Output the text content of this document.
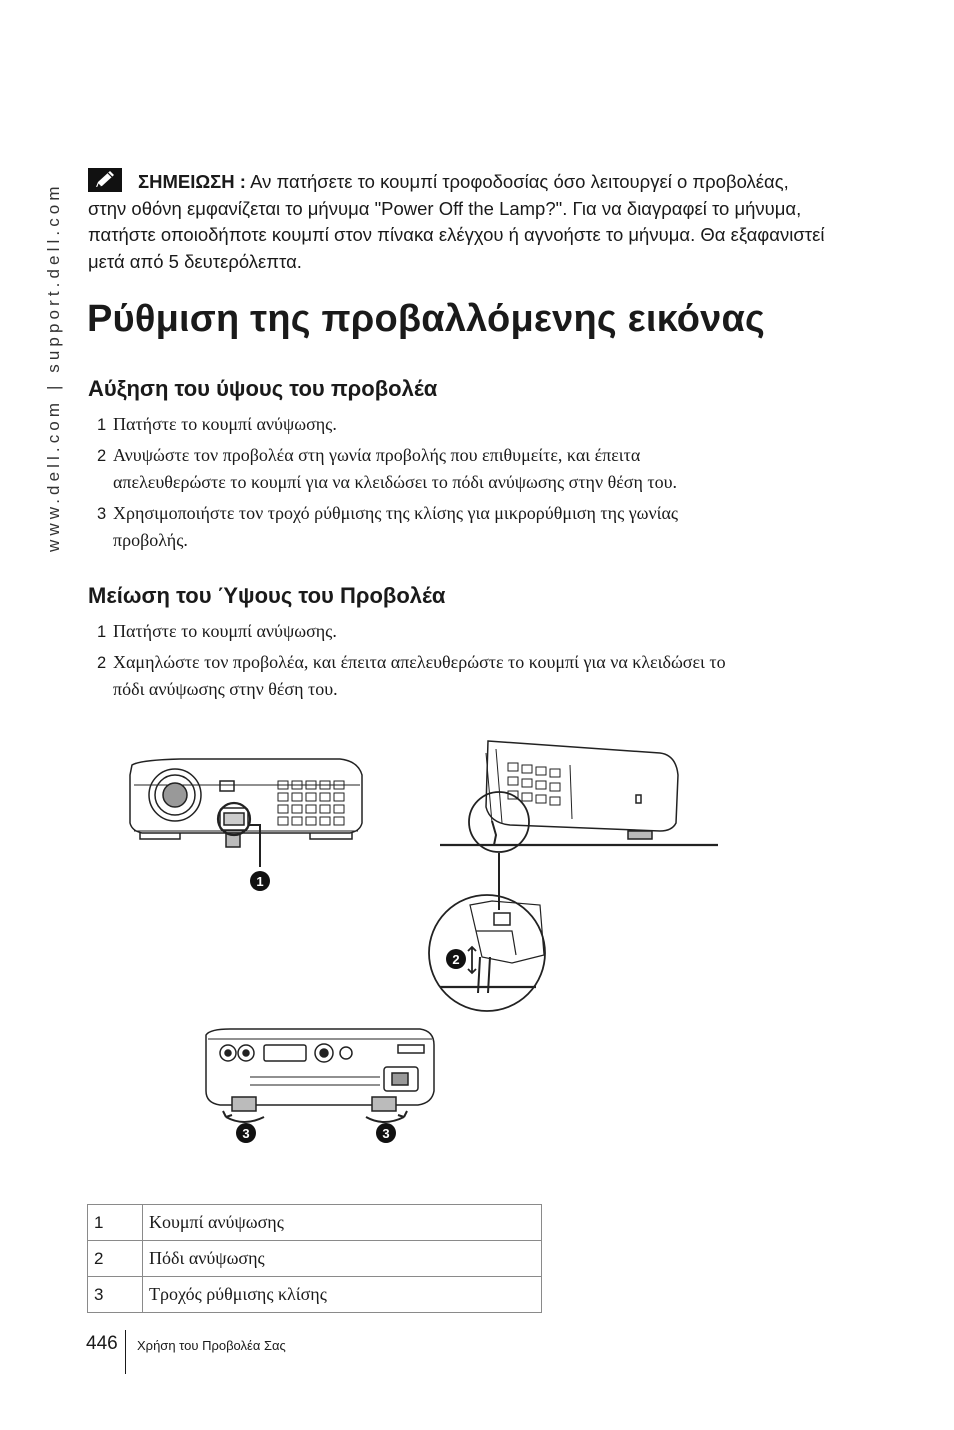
www.dell.com | support.dell.com
ΣΗΜΕΙΩΣΗ : Αν πατήσετε το κουμπί τροφοδοσίας όσο λειτουργεί ο προβολέας, στην οθόνη εμφανίζεται το μήνυμα "Power Off the Lamp?". Για να διαγραφεί το μήνυμα, πατήστε οποιοδήποτε κουμπί στον πίνακα ελέγχου ή αγνοήστε το μήνυμα. Θα εξαφανιστεί μετά από 5 δευτερόλεπτα.
Ρύθμιση της προβαλλόμενης εικόνας
Αύξηση του ύψους του προβολέα
1 Πατήστε το κουμπί ανύψωσης.
2 Ανυψώστε τον προβολέα στη γωνία προβολής που επιθυμείτε, και έπειτα
απελευθερώστε το κουμπί για να κλειδώσει το πόδι ανύψωσης στην θέση του.
3 Χρησιμοποιήστε τον τροχό ρύθμισης της κλίσης για μικρορύθμιση της γωνίας
προβολής.
Μείωση του Ύψους του Προβολέα
1 Πατήστε το κουμπί ανύψωσης.
2 Χαμηλώστε τον προβολέα, και έπειτα απελευθερώστε το κουμπί για να κλειδώσει το
πόδι ανύψωσης στην θέση του.
1
2
3	3
1	Κουμπί ανύψωσης
2	Πόδι ανύψωσης
3	Τροχός ρύθμισης κλίσης
446 Χρήση του Προβολέα Σας
